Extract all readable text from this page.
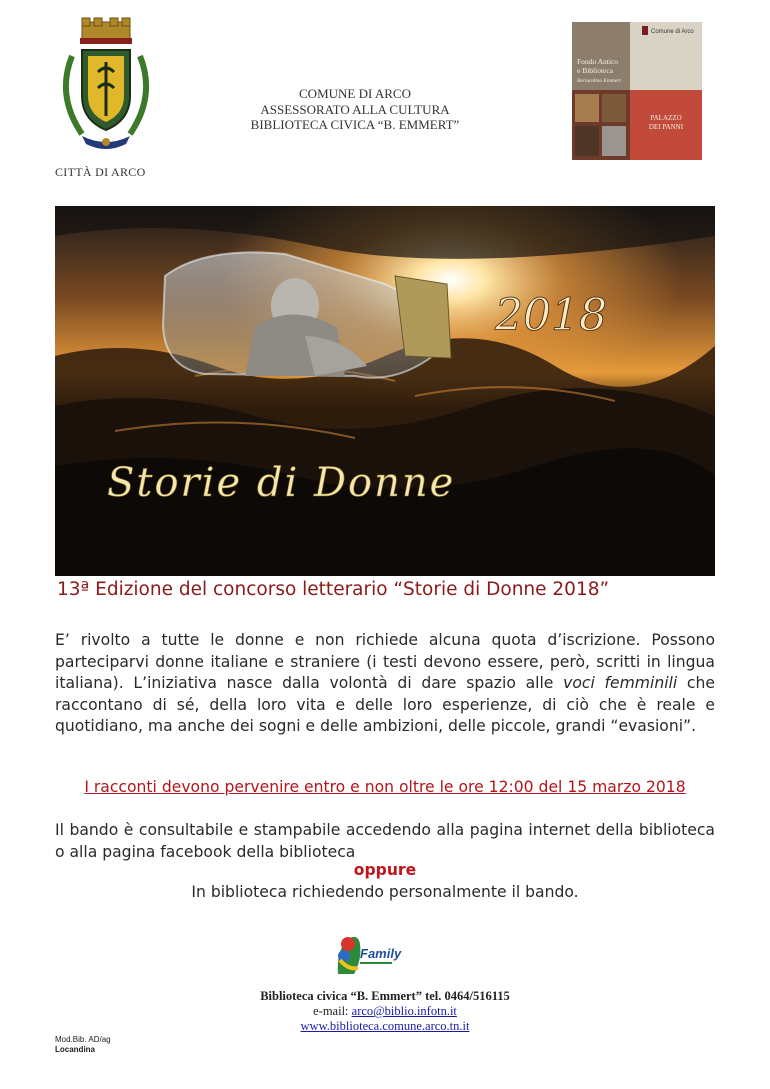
CITTÀ DI ARCO
COMUNE DI ARCO
ASSESSORATO ALLA CULTURA
BIBLIOTECA CIVICA “B. EMMERT”
Comune di Arco
Fondo Antico
e Biblioteca
Bernardino Emmert
PALAZZO
DEI PANNI
2018
Storie di Donne
13ª Edizione del concorso letterario “Storie di Donne 2018”
E’ rivolto a tutte le donne e non richiede alcuna quota d’iscrizione. Possono parteciparvi donne italiane e straniere (i testi devono essere, però, scritti in lingua italiana). L’iniziativa nasce dalla volontà di dare spazio alle voci femminili che raccontano di sé, della loro vita e delle loro esperienze, di ciò che è reale e quotidiano, ma anche dei sogni e delle ambizioni, delle piccole, grandi “evasioni”.
I racconti devono pervenire entro e non oltre le ore 12:00 del 15 marzo 2018
Il bando è consultabile e stampabile accedendo alla pagina internet della biblioteca o alla pagina facebook della biblioteca
oppure
In biblioteca richiedendo personalmente il bando.
Family
Biblioteca civica “B. Emmert” tel. 0464/516115
e-mail: arco@biblio.infotn.it
www.biblioteca.comune.arco.tn.it
Mod.Bib. AD/ag
Locandina
